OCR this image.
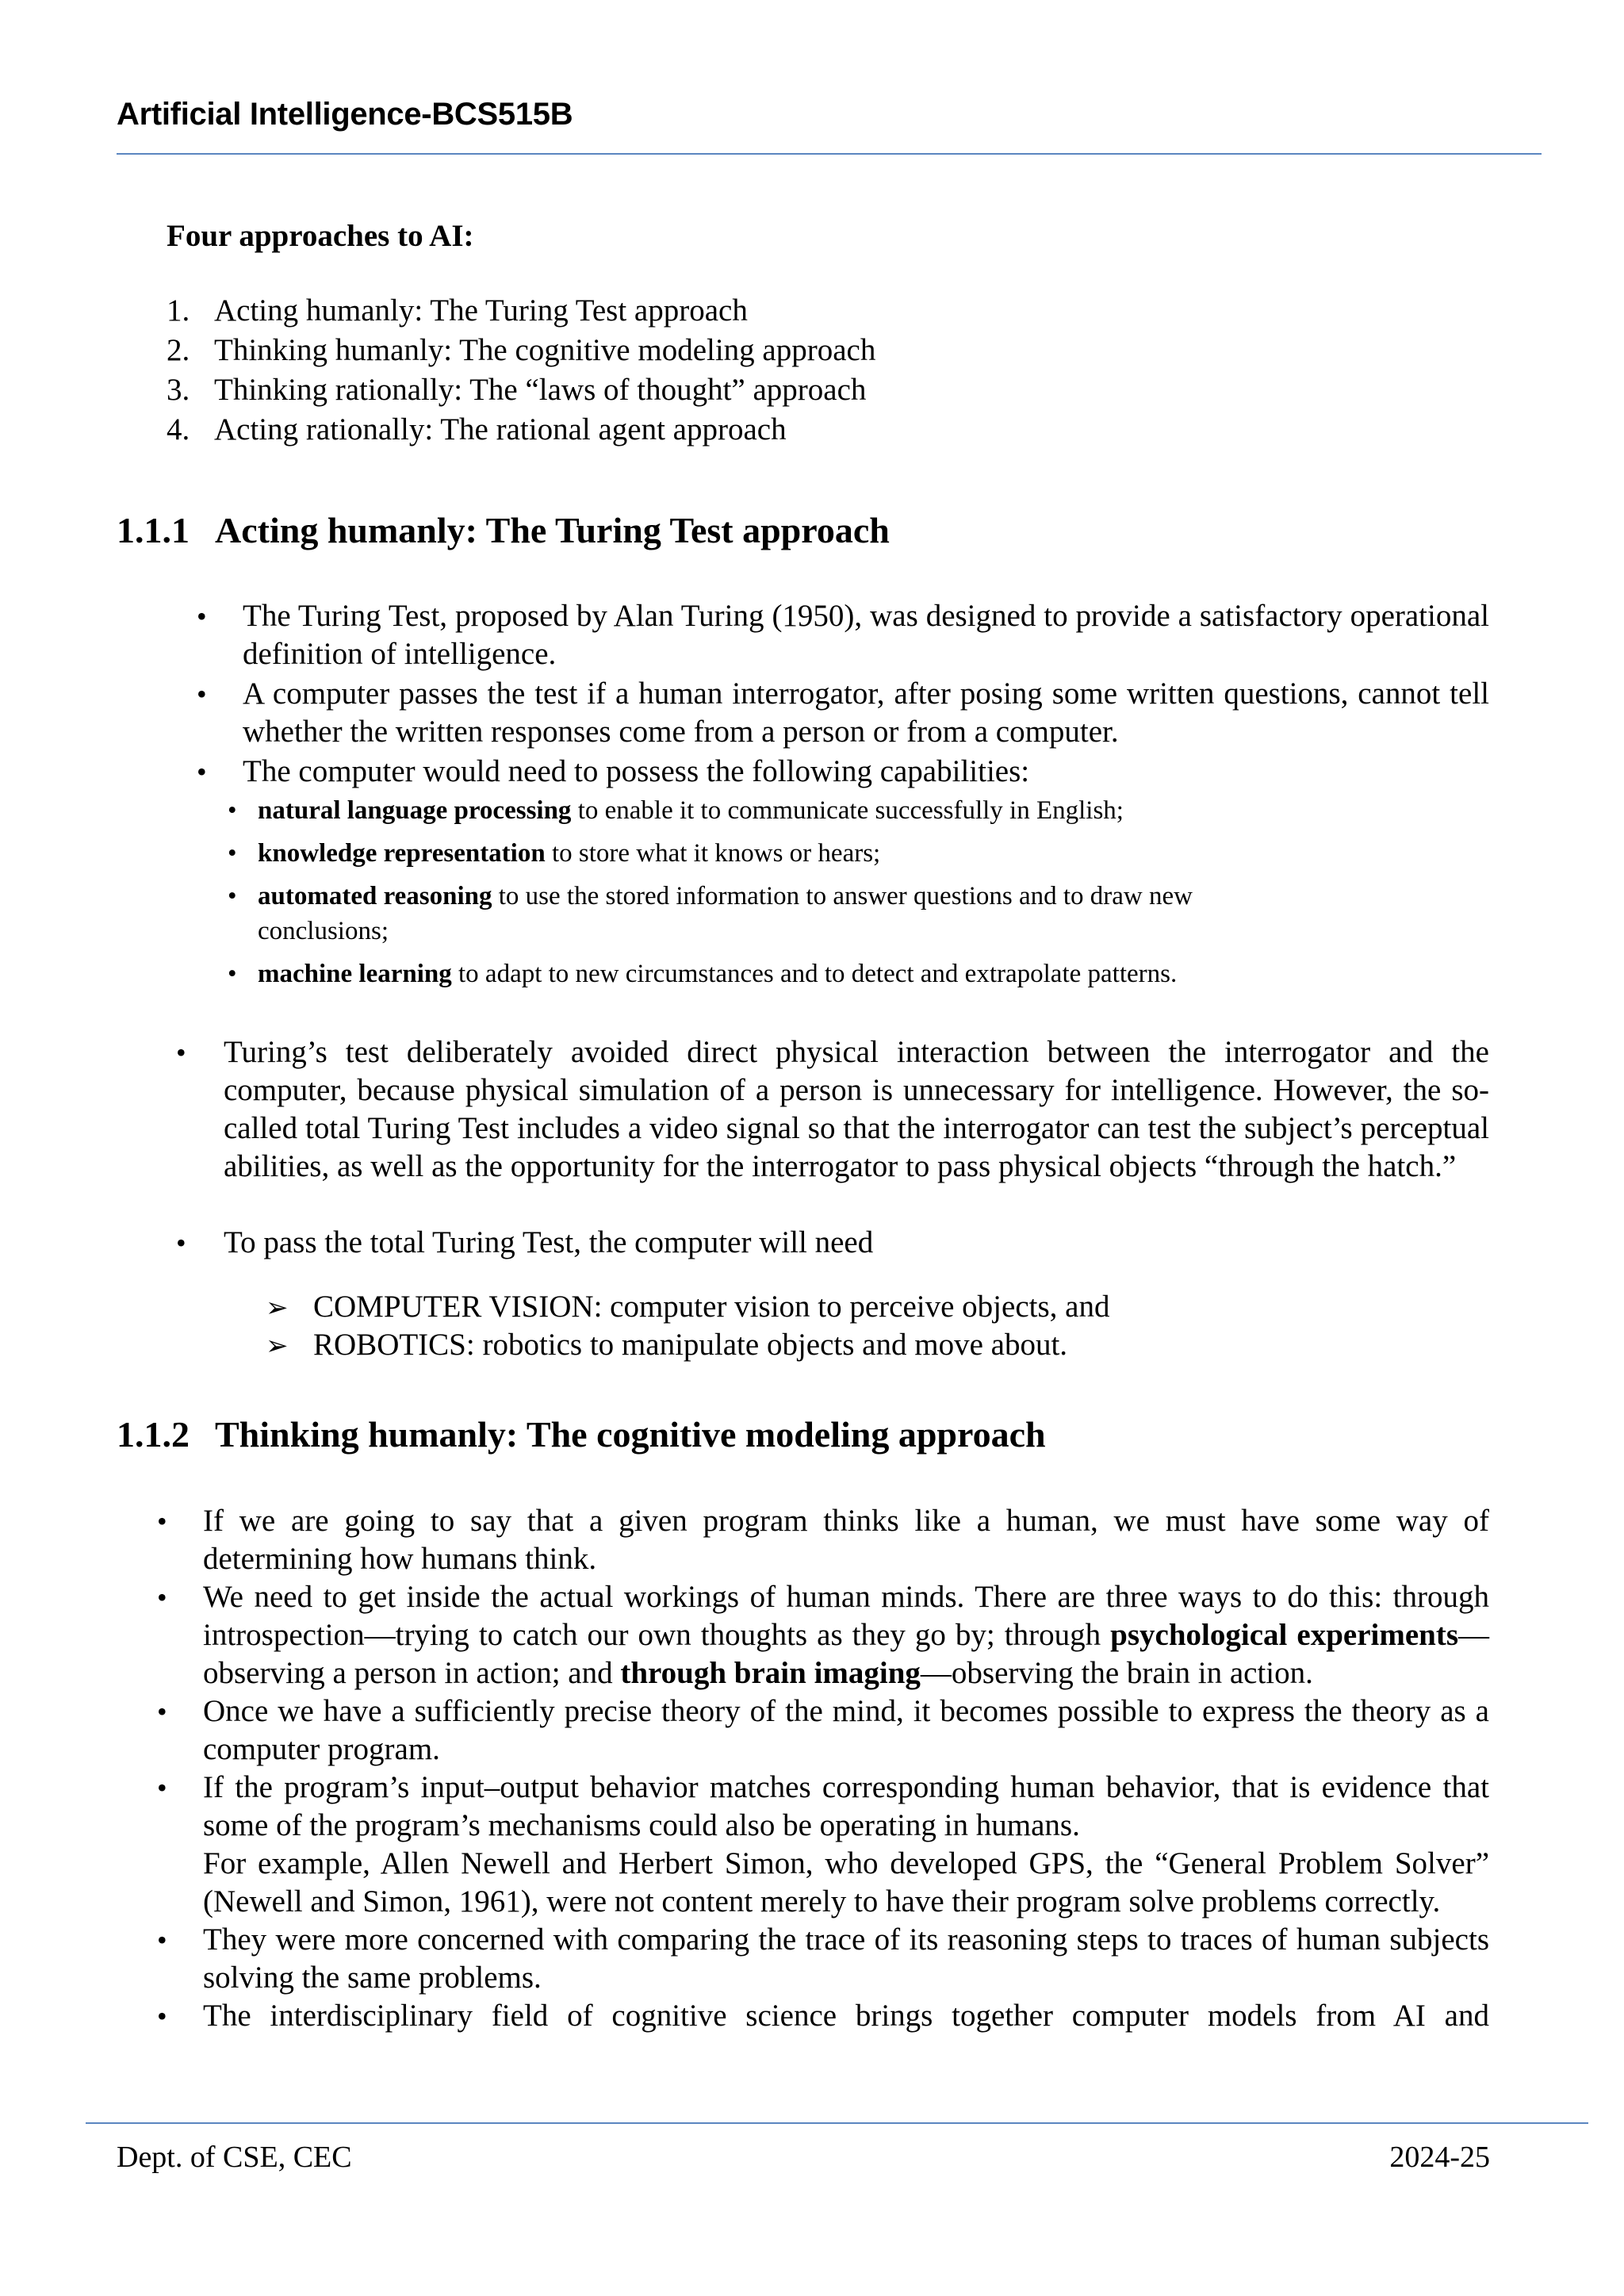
Artificial Intelligence-BCS515B
Four approaches to AI:
1. Acting humanly: The Turing Test approach
2. Thinking humanly: The cognitive modeling approach
3. Thinking rationally: The “laws of thought” approach
4. Acting rationally: The rational agent approach
1.1.1 Acting humanly: The Turing Test approach
• The Turing Test, proposed by Alan Turing (1950), was designed to provide a satisfactory operational definition of intelligence.
• A computer passes the test if a human interrogator, after posing some written questions, cannot tell whether the written responses come from a person or from a computer.
• The computer would need to possess the following capabilities:
• natural language processing to enable it to communicate successfully in English;
• knowledge representation to store what it knows or hears;
• automated reasoning to use the stored information to answer questions and to draw new conclusions;
• machine learning to adapt to new circumstances and to detect and extrapolate patterns.
• Turing’s test deliberately avoided direct physical interaction between the interrogator and the computer, because physical simulation of a person is unnecessary for intelligence. However, the so-called total Turing Test includes a video signal so that the interrogator can test the subject’s perceptual abilities, as well as the opportunity for the interrogator to pass physical objects “through the hatch.”
• To pass the total Turing Test, the computer will need
➢ COMPUTER VISION: computer vision to perceive objects, and
➢ ROBOTICS: robotics to manipulate objects and move about.
1.1.2 Thinking humanly: The cognitive modeling approach
• If we are going to say that a given program thinks like a human, we must have some way of determining how humans think.
• We need to get inside the actual workings of human minds. There are three ways to do this: through introspection—trying to catch our own thoughts as they go by; through psychological experiments—observing a person in action; and through brain imaging—observing the brain in action.
• Once we have a sufficiently precise theory of the mind, it becomes possible to express the theory as a computer program.
• If the program’s input–output behavior matches corresponding human behavior, that is evidence that some of the program’s mechanisms could also be operating in humans.
For example, Allen Newell and Herbert Simon, who developed GPS, the “General Problem Solver” (Newell and Simon, 1961), were not content merely to have their program solve problems correctly.
• They were more concerned with comparing the trace of its reasoning steps to traces of human subjects solving the same problems.
• The interdisciplinary field of cognitive science brings together computer models from AI and
Dept. of CSE, CEC	2024-25
